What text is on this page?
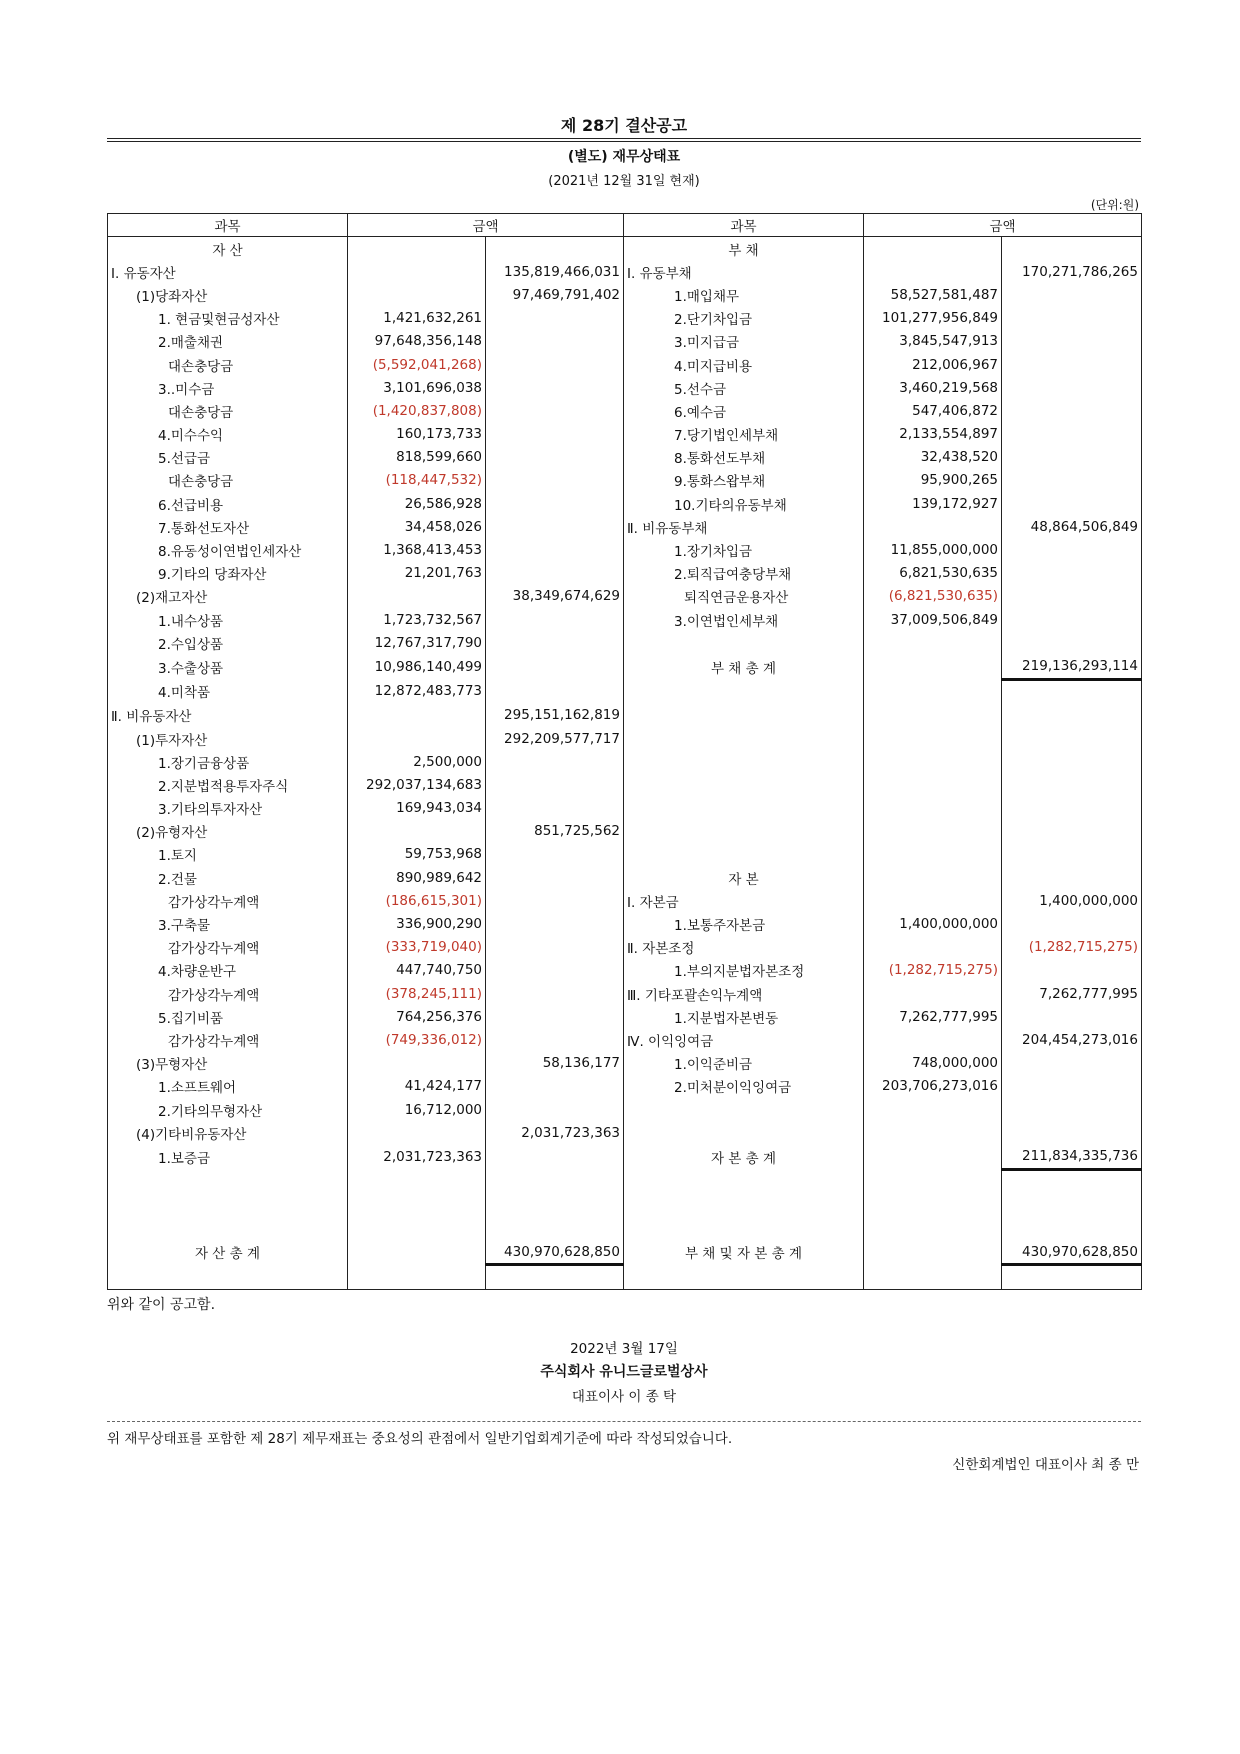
제 28기 결산공고
(별도) 재무상태표
(2021년 12월 31일 현재)
(단위:원)
과목	금액		과목	금액	
자 산			부 채		
Ⅰ. 유동자산		135,819,466,031	Ⅰ. 유동부채		170,271,786,265
(1)당좌자산		97,469,791,402	1.매입채무	58,527,581,487	
1. 현금및현금성자산	1,421,632,261		2.단기차입금	101,277,956,849	
2.매출채권	97,648,356,148		3.미지급금	3,845,547,913	
대손충당금	(5,592,041,268)		4.미지급비용	212,006,967	
3..미수금	3,101,696,038		5.선수금	3,460,219,568	
대손충당금	(1,420,837,808)		6.예수금	547,406,872	
4.미수수익	160,173,733		7.당기법인세부채	2,133,554,897	
5.선급금	818,599,660		8.통화선도부채	32,438,520	
대손충당금	(118,447,532)		9.통화스왑부채	95,900,265	
6.선급비용	26,586,928		10.기타의유동부채	139,172,927	
7.통화선도자산	34,458,026		Ⅱ. 비유동부채		48,864,506,849
8.유동성이연법인세자산	1,368,413,453		1.장기차입금	11,855,000,000	
9.기타의 당좌자산	21,201,763		2.퇴직급여충당부채	6,821,530,635	
(2)재고자산		38,349,674,629	퇴직연금운용자산	(6,821,530,635)	
1.내수상품	1,723,732,567		3.이연법인세부채	37,009,506,849	
2.수입상품	12,767,317,790				
3.수출상품	10,986,140,499		부 채 총 계		219,136,293,114
4.미착품	12,872,483,773				
Ⅱ. 비유동자산		295,151,162,819			
(1)투자자산		292,209,577,717			
1.장기금융상품	2,500,000				
2.지분법적용투자주식	292,037,134,683				
3.기타의투자자산	169,943,034				
(2)유형자산		851,725,562			
1.토지	59,753,968				
2.건물	890,989,642		자 본		
감가상각누계액	(186,615,301)		Ⅰ. 자본금		1,400,000,000
3.구축물	336,900,290		1.보통주자본금	1,400,000,000	
감가상각누계액	(333,719,040)		Ⅱ. 자본조정		(1,282,715,275)
4.차량운반구	447,740,750		1.부의지분법자본조정	(1,282,715,275)	
감가상각누계액	(378,245,111)		Ⅲ. 기타포괄손익누계액		7,262,777,995
5.집기비품	764,256,376		1.지분법자본변동	7,262,777,995	
감가상각누계액	(749,336,012)		Ⅳ. 이익잉여금		204,454,273,016
(3)무형자산		58,136,177	1.이익준비금	748,000,000	
1.소프트웨어	41,424,177		2.미처분이익잉여금	203,706,273,016	
2.기타의무형자산	16,712,000				
(4)기타비유동자산		2,031,723,363			
1.보증금	2,031,723,363		자 본 총 계		211,834,335,736

자 산 총 계		430,970,628,850	부 채 및 자 본 총 계		430,970,628,850

위와 같이 공고함.
2022년 3월 17일
주식회사 유니드글로벌상사
대표이사 이 종 탁
위 재무상태표를 포함한 제 28기 제무재표는 중요성의 관점에서 일반기업회계기준에 따라 작성되었습니다.
신한회계법인 대표이사 최 종 만
